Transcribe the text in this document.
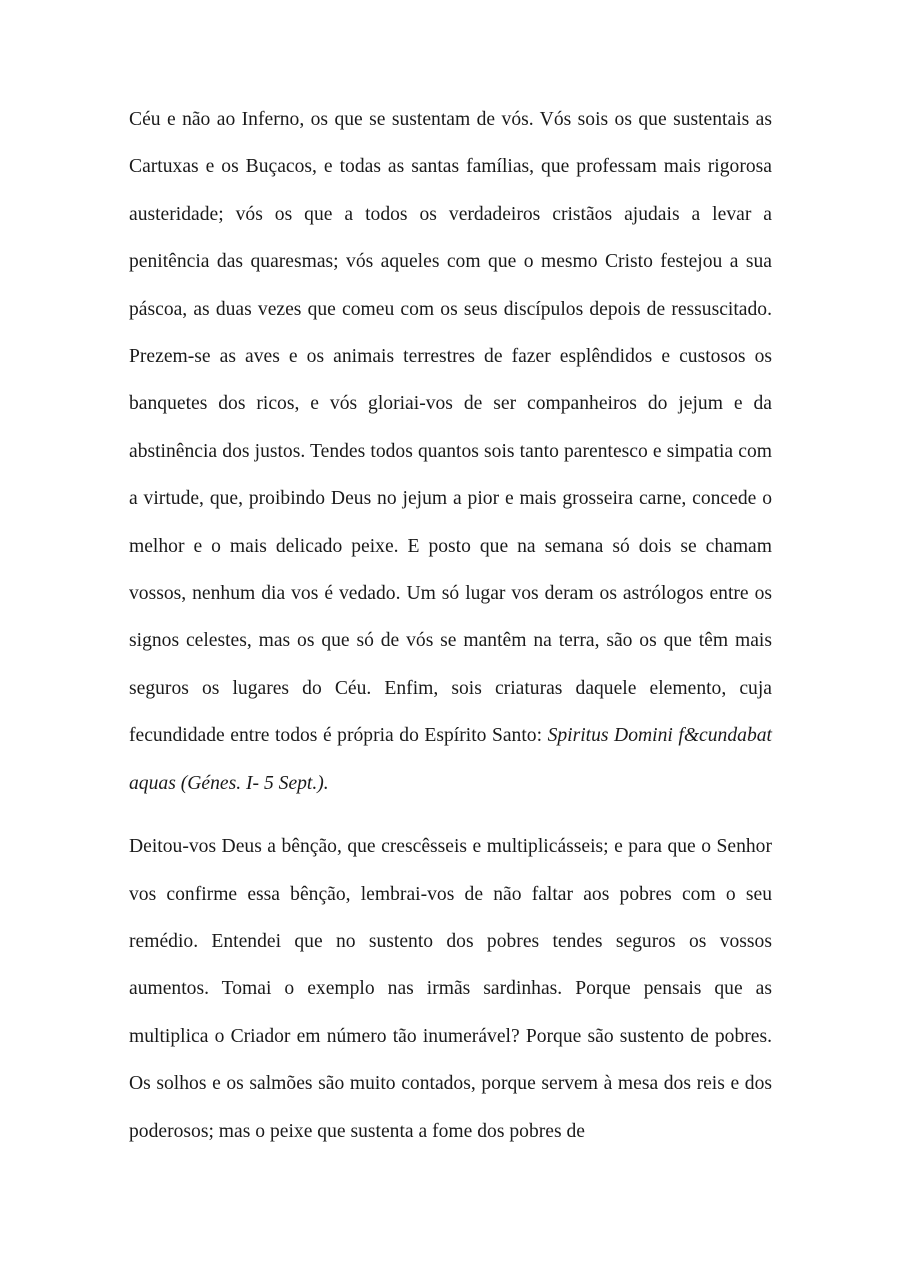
Céu e não ao Inferno, os que se sustentam de vós. Vós sois os que sustentais as Cartuxas e os Buçacos, e todas as santas famílias, que professam mais rigorosa austeridade; vós os que a todos os verdadeiros cristãos ajudais a levar a penitência das quaresmas; vós aqueles com que o mesmo Cristo festejou a sua páscoa, as duas vezes que comeu com os seus discípulos depois de ressuscitado. Prezem-se as aves e os animais terrestres de fazer esplêndidos e custosos os banquetes dos ricos, e vós gloriai-vos de ser companheiros do jejum e da abstinência dos justos. Tendes todos quantos sois tanto parentesco e simpatia com a virtude, que, proibindo Deus no jejum a pior e mais grosseira carne, concede o melhor e o mais delicado peixe. E posto que na semana só dois se chamam vossos, nenhum dia vos é vedado. Um só lugar vos deram os astrólogos entre os signos celestes, mas os que só de vós se mantêm na terra, são os que têm mais seguros os lugares do Céu. Enfim, sois criaturas daquele elemento, cuja fecundidade entre todos é própria do Espírito Santo: Spiritus Domini f&cundabat aquas (Génes. I- 5 Sept.).

Deitou-vos Deus a bênção, que crescêsseis e multiplicásseis; e para que o Senhor vos confirme essa bênção, lembrai-vos de não faltar aos pobres com o seu remédio. Entendei que no sustento dos pobres tendes seguros os vossos aumentos. Tomai o exemplo nas irmãs sardinhas. Porque pensais que as multiplica o Criador em número tão inumerável? Porque são sustento de pobres. Os solhos e os salmões são muito contados, porque servem à mesa dos reis e dos poderosos; mas o peixe que sustenta a fome dos pobres de
